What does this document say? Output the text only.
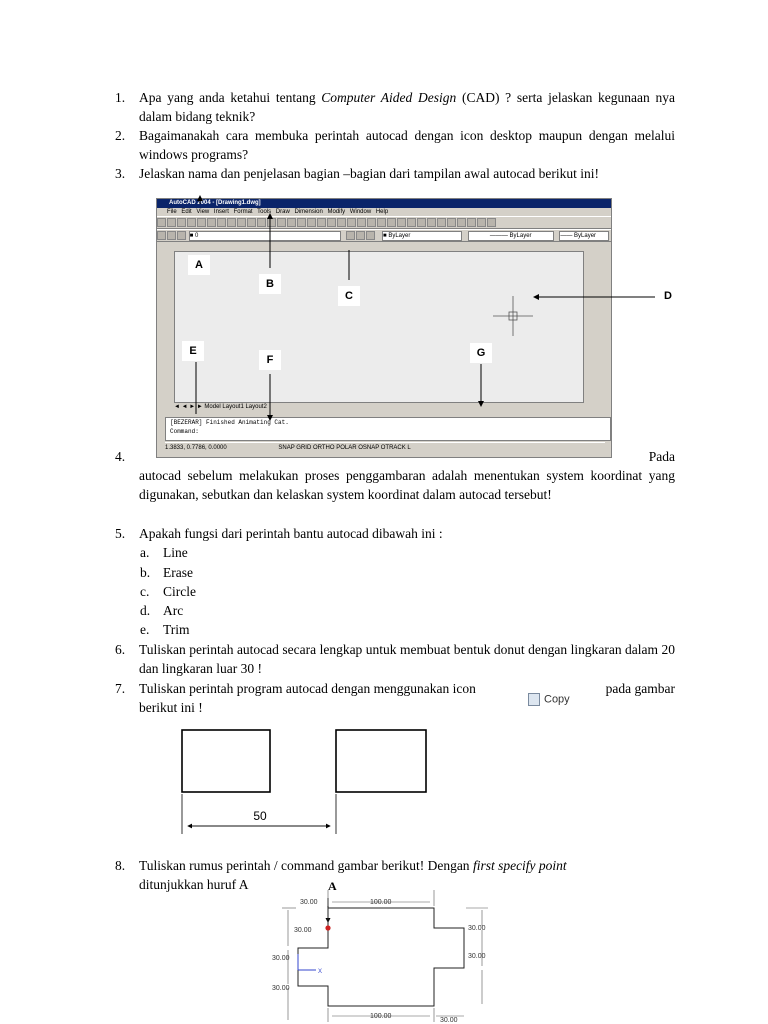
1.	Apa yang anda ketahui tentang Computer Aided Design (CAD) ? serta jelaskan kegunaan nya dalam bidang teknik?
2.	Bagaimanakah cara membuka perintah autocad dengan icon desktop maupun dengan melalui windows programs?
3.	Jelaskan nama dan penjelasan bagian –bagian dari tampilan awal autocad berikut ini!
AutoCAD 2004 - [Drawing1.dwg]
File Edit View Insert Format Tools Draw Dimension Modify Window Help
■ 0	■ ByLayer	——— ByLayer	—— ByLayer
◄ ◄ ► ► Model Layout1 Layout2
[BEZERAR] Finished Animating Cat.
Command:
1.3833, 0.7786, 0.0000	SNAP GRID ORTHO POLAR OSNAP OTRACK L
A
B
C	D
E
F
G
4.	Pada
autocad sebelum melakukan proses penggambaran adalah menentukan system koordinat yang digunakan, sebutkan dan kelaskan system koordinat dalam autocad tersebut!
5.	Apakah fungsi dari perintah bantu autocad dibawah ini :
a. Line
b. Erase
c. Circle
d. Arc
e. Trim
6.	Tuliskan perintah autocad secara lengkap untuk membuat bentuk donut dengan lingkaran dalam 20 dan lingkaran luar 30 !
7.	Tuliskan perintah program autocad dengan menggunakan icon	pada gambar
berikut ini !
Copy
50
8.	Tuliskan rumus perintah / command gambar berikut! Dengan first specify point
ditunjukkan huruf A	A
X
100.00
100.00
30.00
30.00
30.00
30.00	30.00
30.00
30.00
